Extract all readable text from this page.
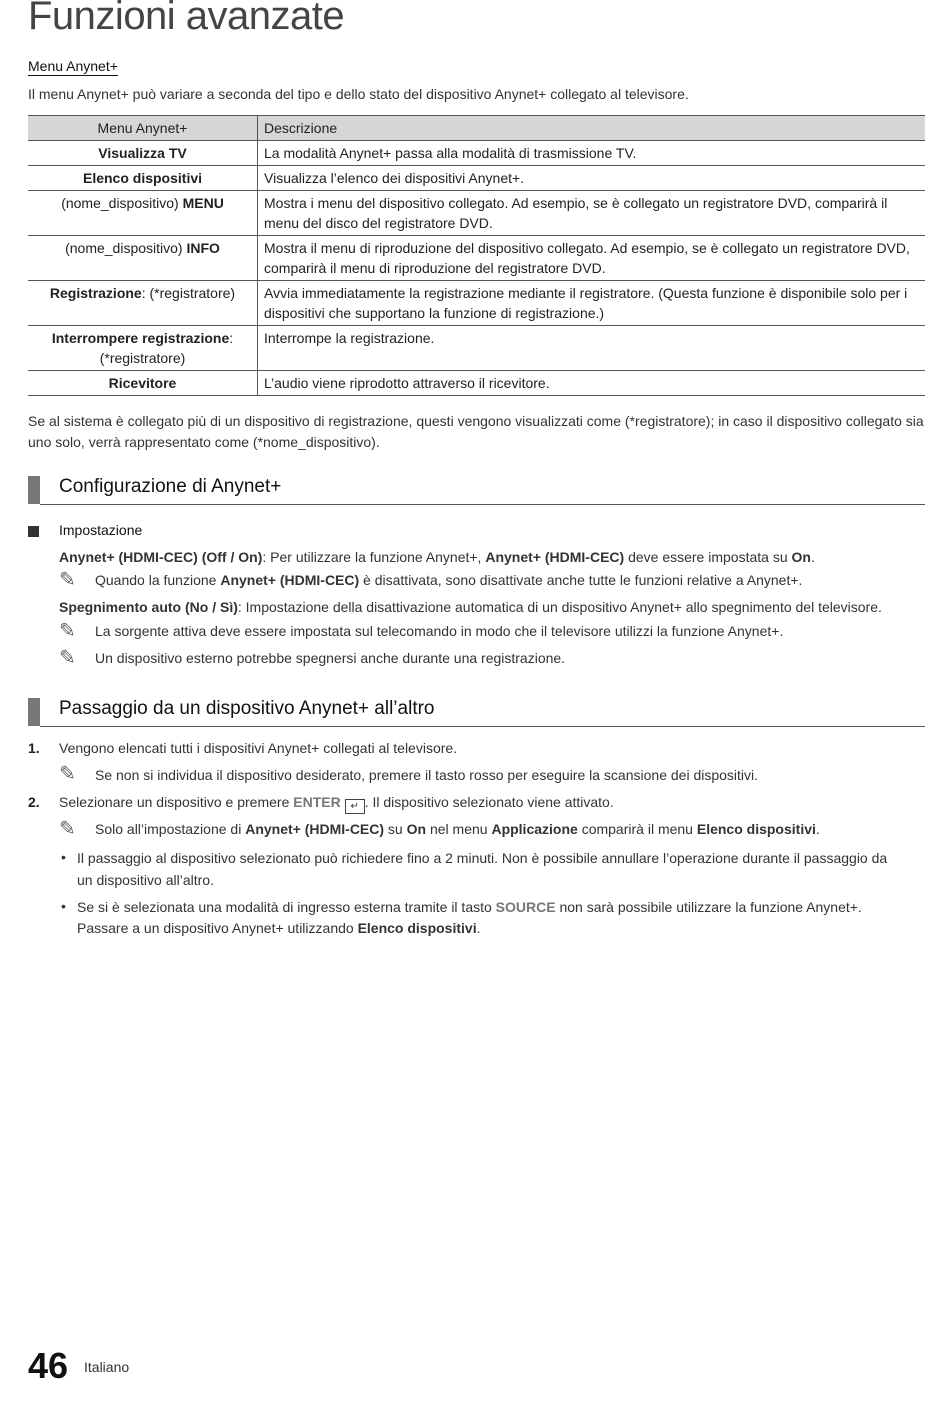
Funzioni avanzate
Menu Anynet+
Il menu Anynet+ può variare a seconda del tipo e dello stato del dispositivo Anynet+ collegato al televisore.
Menu Anynet+	Descrizione
Visualizza TV	La modalità Anynet+ passa alla modalità di trasmissione TV.
Elenco dispositivi	Visualizza l’elenco dei dispositivi Anynet+.
(nome_dispositivo) MENU	Mostra i menu del dispositivo collegato. Ad esempio, se è collegato un registratore DVD, comparirà il menu del disco del registratore DVD.
(nome_dispositivo) INFO	Mostra il menu di riproduzione del dispositivo collegato. Ad esempio, se è collegato un registratore DVD, comparirà il menu di riproduzione del registratore DVD.
Registrazione: (*registratore)	Avvia immediatamente la registrazione mediante il registratore. (Questa funzione è disponibile solo per i dispositivi che supportano la funzione di registrazione.)
Interrompere registrazione: (*registratore)	Interrompe la registrazione.
Ricevitore	L’audio viene riprodotto attraverso il ricevitore.
Se al sistema è collegato più di un dispositivo di registrazione, questi vengono visualizzati come (*registratore); in caso il dispositivo collegato sia uno solo, verrà rappresentato come (*nome_dispositivo).
Configurazione di Anynet+
Impostazione
Anynet+ (HDMI-CEC) (Off / On): Per utilizzare la funzione Anynet+, Anynet+ (HDMI-CEC) deve essere impostata su On.
✎ Quando la funzione Anynet+ (HDMI-CEC) è disattivata, sono disattivate anche tutte le funzioni relative a Anynet+.
Spegnimento auto (No / Sì): Impostazione della disattivazione automatica di un dispositivo Anynet+ allo spegnimento del televisore.
✎ La sorgente attiva deve essere impostata sul telecomando in modo che il televisore utilizzi la funzione Anynet+.
✎ Un dispositivo esterno potrebbe spegnersi anche durante una registrazione.
Passaggio da un dispositivo Anynet+ all’altro
1. Vengono elencati tutti i dispositivi Anynet+ collegati al televisore.
✎ Se non si individua il dispositivo desiderato, premere il tasto rosso per eseguire la scansione dei dispositivi.
2. Selezionare un dispositivo e premere ENTER ↵ . Il dispositivo selezionato viene attivato.
✎ Solo all’impostazione di Anynet+ (HDMI-CEC) su On nel menu Applicazione comparirà il menu Elenco dispositivi.
• Il passaggio al dispositivo selezionato può richiedere fino a 2 minuti. Non è possibile annullare l’operazione durante il passaggio da
un dispositivo all’altro.
• Se si è selezionata una modalità di ingresso esterna tramite il tasto SOURCE non sarà possibile utilizzare la funzione Anynet+.
Passare a un dispositivo Anynet+ utilizzando Elenco dispositivi.
46 Italiano
